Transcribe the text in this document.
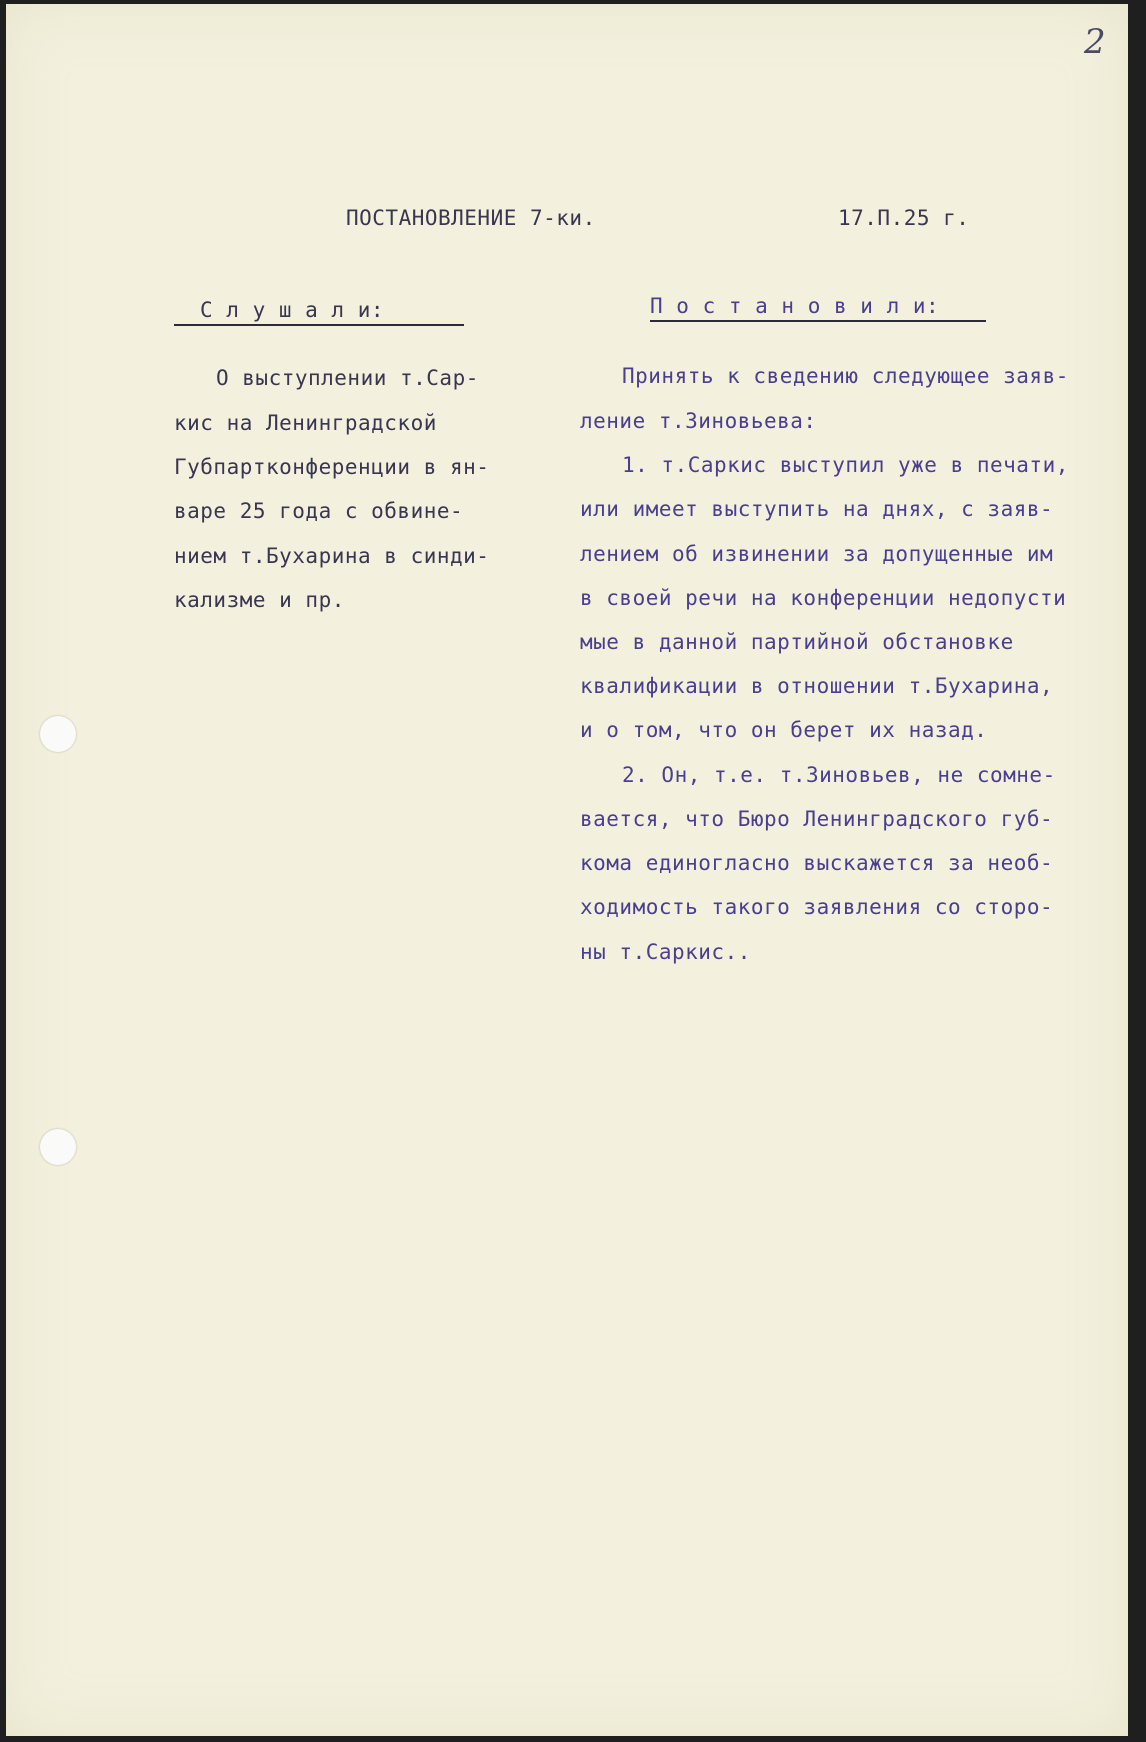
2
ПОСТАНОВЛЕНИЕ 7-ки.	17.П.25 г.
С л у ш а л и:	П о с т а н о в и л и:
О выступлении т.Сар-
кис на Ленинградской
Губпартконференции в ян-
варе 25 года с обвине-
нием т.Бухарина в синди-
кализме и пр.
Принять к сведению следующее заяв-
ление т.Зиновьева:
1. т.Саркис выступил уже в печати,
или имеет выступить на днях, с заяв-
лением об извинении за допущенные им
в своей речи на конференции недопусти
мые в данной партийной обстановке
квалификации в отношении т.Бухарина,
и о том, что он берет их назад.
2. Он, т.е. т.Зиновьев, не сомне-
вается, что Бюро Ленинградского губ-
кома единогласно выскажется за необ-
ходимость такого заявления со сторо-
ны т.Саркис..
